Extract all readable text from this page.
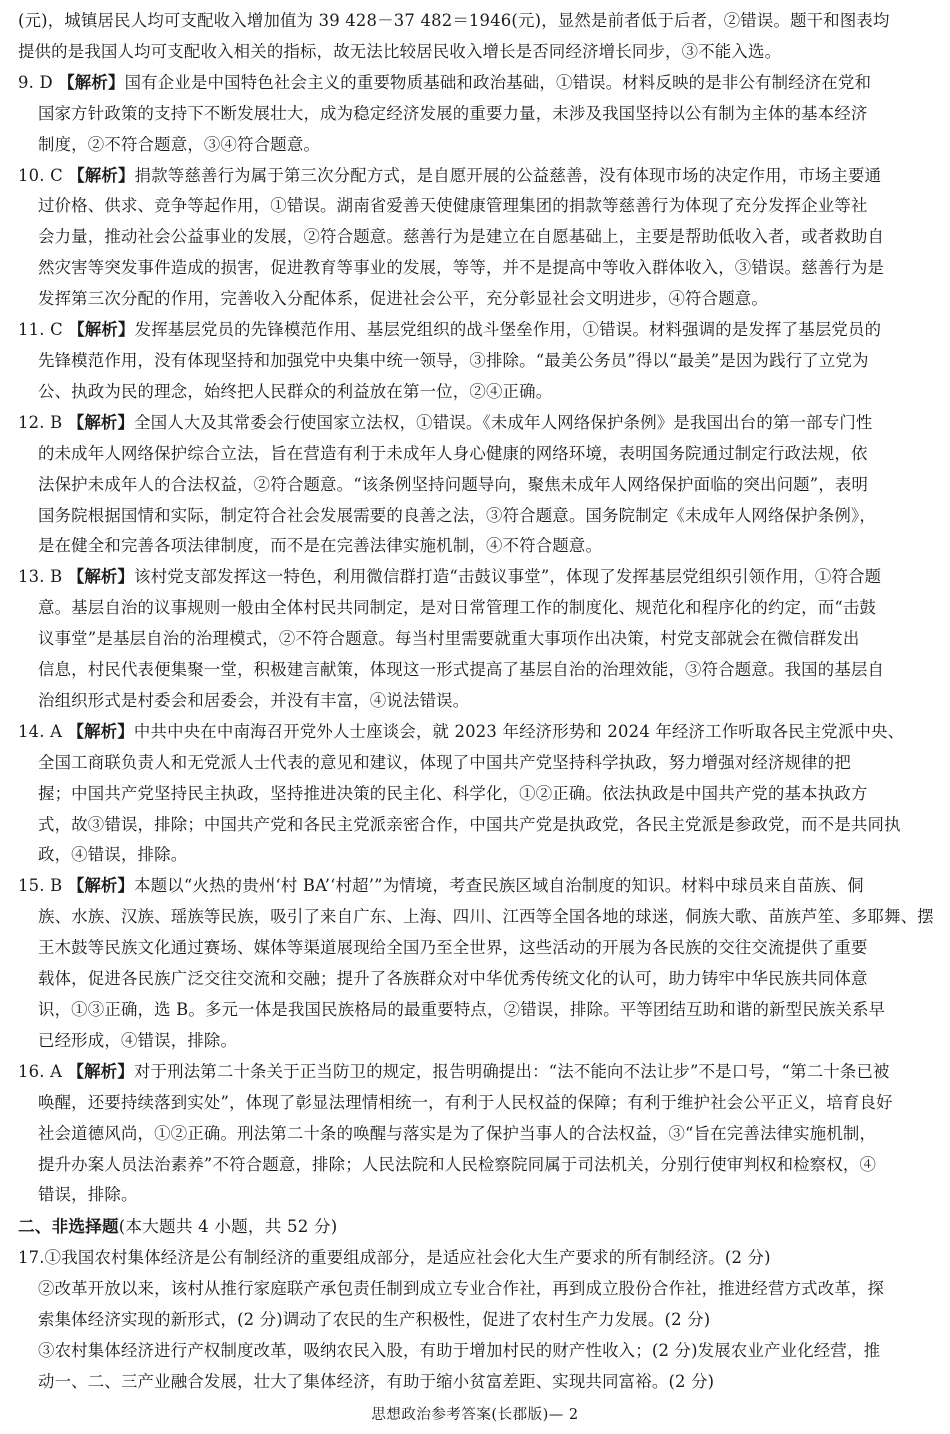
(元)，城镇居民人均可支配收入增加值为 39 428－37 482＝1946(元)，显然是前者低于后者，②错误。题干和图表均

提供的是我国人均可支配收入相关的指标，故无法比较居民收入增长是否同经济增长同步，③不能入选。

9. D 【解析】国有企业是中国特色社会主义的重要物质基础和政治基础，①错误。材料反映的是非公有制经济在党和

国家方针政策的支持下不断发展壮大，成为稳定经济发展的重要力量，未涉及我国坚持以公有制为主体的基本经济

制度，②不符合题意，③④符合题意。

10. C 【解析】捐款等慈善行为属于第三次分配方式，是自愿开展的公益慈善，没有体现市场的决定作用，市场主要通

过价格、供求、竞争等起作用，①错误。湖南省爱善天使健康管理集团的捐款等慈善行为体现了充分发挥企业等社

会力量，推动社会公益事业的发展，②符合题意。慈善行为是建立在自愿基础上，主要是帮助低收入者，或者救助自

然灾害等突发事件造成的损害，促进教育等事业的发展，等等，并不是提高中等收入群体收入，③错误。慈善行为是

发挥第三次分配的作用，完善收入分配体系，促进社会公平，充分彰显社会文明进步，④符合题意。

11. C 【解析】发挥基层党员的先锋模范作用、基层党组织的战斗堡垒作用，①错误。材料强调的是发挥了基层党员的

先锋模范作用，没有体现坚持和加强党中央集中统一领导，③排除。“最美公务员”得以“最美”是因为践行了立党为

公、执政为民的理念，始终把人民群众的利益放在第一位，②④正确。

12. B 【解析】全国人大及其常委会行使国家立法权，①错误。《未成年人网络保护条例》是我国出台的第一部专门性

的未成年人网络保护综合立法，旨在营造有利于未成年人身心健康的网络环境，表明国务院通过制定行政法规，依

法保护未成年人的合法权益，②符合题意。“该条例坚持问题导向，聚焦未成年人网络保护面临的突出问题”，表明

国务院根据国情和实际，制定符合社会发展需要的良善之法，③符合题意。国务院制定《未成年人网络保护条例》，

是在健全和完善各项法律制度，而不是在完善法律实施机制，④不符合题意。

13. B 【解析】该村党支部发挥这一特色，利用微信群打造“击鼓议事堂”，体现了发挥基层党组织引领作用，①符合题

意。基层自治的议事规则一般由全体村民共同制定，是对日常管理工作的制度化、规范化和程序化的约定，而“击鼓

议事堂”是基层自治的治理模式，②不符合题意。每当村里需要就重大事项作出决策，村党支部就会在微信群发出

信息，村民代表便集聚一堂，积极建言献策，体现这一形式提高了基层自治的治理效能，③符合题意。我国的基层自

治组织形式是村委会和居委会，并没有丰富，④说法错误。

14. A 【解析】中共中央在中南海召开党外人士座谈会，就 2023 年经济形势和 2024 年经济工作听取各民主党派中央、

全国工商联负责人和无党派人士代表的意见和建议，体现了中国共产党坚持科学执政，努力增强对经济规律的把

握；中国共产党坚持民主执政，坚持推进决策的民主化、科学化，①②正确。依法执政是中国共产党的基本执政方

式，故③错误，排除；中国共产党和各民主党派亲密合作，中国共产党是执政党，各民主党派是参政党，而不是共同执

政，④错误，排除。

15. B 【解析】本题以“火热的贵州‘村 BA’‘村超’”为情境，考查民族区域自治制度的知识。材料中球员来自苗族、侗

族、水族、汉族、瑶族等民族，吸引了来自广东、上海、四川、江西等全国各地的球迷，侗族大歌、苗族芦笙、多耶舞、摆

王木鼓等民族文化通过赛场、媒体等渠道展现给全国乃至全世界，这些活动的开展为各民族的交往交流提供了重要

载体，促进各民族广泛交往交流和交融；提升了各族群众对中华优秀传统文化的认可，助力铸牢中华民族共同体意

识，①③正确，选 B。多元一体是我国民族格局的最重要特点，②错误，排除。平等团结互助和谐的新型民族关系早

已经形成，④错误，排除。

16. A 【解析】对于刑法第二十条关于正当防卫的规定，报告明确提出：“法不能向不法让步”不是口号，“第二十条已被

唤醒，还要持续落到实处”，体现了彰显法理情相统一，有利于人民权益的保障；有利于维护社会公平正义，培育良好

社会道德风尚，①②正确。刑法第二十条的唤醒与落实是为了保护当事人的合法权益，③“旨在完善法律实施机制，

提升办案人员法治素养”不符合题意，排除；人民法院和人民检察院同属于司法机关，分别行使审判权和检察权，④

错误，排除。

二、非选择题(本大题共 4 小题，共 52 分)

17.①我国农村集体经济是公有制经济的重要组成部分，是适应社会化大生产要求的所有制经济。(2 分)

②改革开放以来，该村从推行家庭联产承包责任制到成立专业合作社，再到成立股份合作社，推进经营方式改革，探

索集体经济实现的新形式，(2 分)调动了农民的生产积极性，促进了农村生产力发展。(2 分)

③农村集体经济进行产权制度改革，吸纳农民入股，有助于增加村民的财产性收入；(2 分)发展农业产业化经营，推

动一、二、三产业融合发展，壮大了集体经济，有助于缩小贫富差距、实现共同富裕。(2 分)

思想政治参考答案(长郡版)— 2
